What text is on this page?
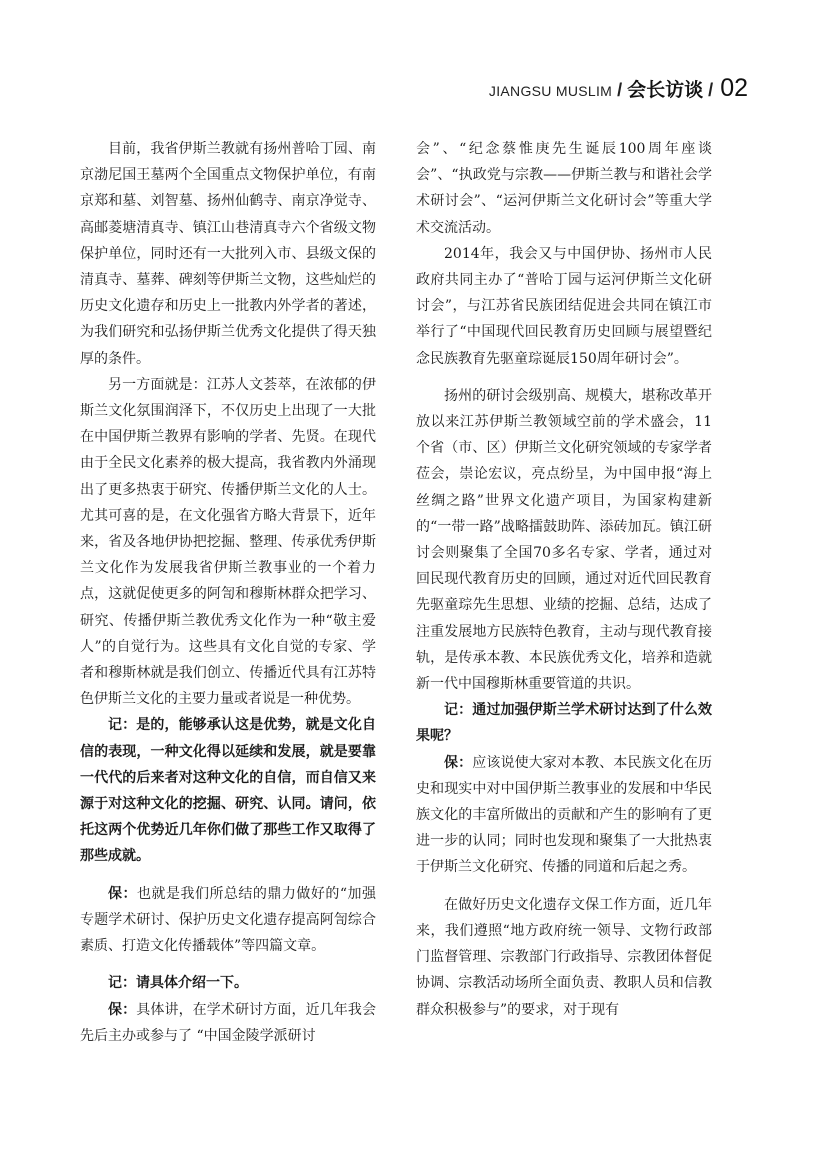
JIANGSU MUSLIM / 会长访谈 / 02

目前，我省伊斯兰教就有扬州普哈丁园、南京渤尼国王墓两个全国重点文物保护单位，有南京郑和墓、刘智墓、扬州仙鹤寺、南京净觉寺、高邮菱塘清真寺、镇江山巷清真寺六个省级文物保护单位，同时还有一大批列入市、县级文保的清真寺、墓葬、碑刻等伊斯兰文物，这些灿烂的历史文化遗存和历史上一批教内外学者的著述，为我们研究和弘扬伊斯兰优秀文化提供了得天独厚的条件。

另一方面就是：江苏人文荟萃，在浓郁的伊斯兰文化氛围润泽下，不仅历史上出现了一大批在中国伊斯兰教界有影响的学者、先贤。在现代由于全民文化素养的极大提高，我省教内外涌现出了更多热衷于研究、传播伊斯兰文化的人士。尤其可喜的是，在文化强省方略大背景下，近年来，省及各地伊协把挖掘、整理、传承优秀伊斯兰文化作为发展我省伊斯兰教事业的一个着力点，这就促使更多的阿訇和穆斯林群众把学习、研究、传播伊斯兰教优秀文化作为一种“敬主爱人”的自觉行为。这些具有文化自觉的专家、学者和穆斯林就是我们创立、传播近代具有江苏特色伊斯兰文化的主要力量或者说是一种优势。

记：是的，能够承认这是优势，就是文化自信的表现，一种文化得以延续和发展，就是要靠一代代的后来者对这种文化的自信，而自信又来源于对这种文化的挖掘、研究、认同。请问，依托这两个优势近几年你们做了那些工作又取得了那些成就。

保：也就是我们所总结的鼎力做好的“加强专题学术研讨、保护历史文化遗存提高阿訇综合素质、打造文化传播载体”等四篇文章。

记：请具体介绍一下。

保：具体讲，在学术研讨方面，近几年我会先后主办或参与了 “中国金陵学派研讨

会”、“纪念蔡惟庚先生诞辰100周年座谈会”、“执政党与宗教——伊斯兰教与和谐社会学术研讨会”、“运河伊斯兰文化研讨会”等重大学术交流活动。

2014年，我会又与中国伊协、扬州市人民政府共同主办了“普哈丁园与运河伊斯兰文化研讨会”，与江苏省民族团结促进会共同在镇江市举行了“中国现代回民教育历史回顾与展望暨纪念民族教育先驱童琮诞辰150周年研讨会”。

扬州的研讨会级别高、规模大，堪称改革开放以来江苏伊斯兰教领域空前的学术盛会，11个省（市、区）伊斯兰文化研究领域的专家学者莅会，崇论宏议，亮点纷呈，为中国申报“海上丝绸之路”世界文化遗产项目，为国家构建新的“一带一路”战略擂鼓助阵、添砖加瓦。镇江研讨会则聚集了全国70多名专家、学者，通过对回民现代教育历史的回顾，通过对近代回民教育先驱童琮先生思想、业绩的挖掘、总结，达成了注重发展地方民族特色教育，主动与现代教育接轨，是传承本教、本民族优秀文化，培养和造就新一代中国穆斯林重要管道的共识。

记：通过加强伊斯兰学术研讨达到了什么效果呢？

保：应该说使大家对本教、本民族文化在历史和现实中对中国伊斯兰教事业的发展和中华民族文化的丰富所做出的贡献和产生的影响有了更进一步的认同；同时也发现和聚集了一大批热衷于伊斯兰文化研究、传播的同道和后起之秀。

在做好历史文化遗存文保工作方面，近几年来，我们遵照“地方政府统一领导、文物行政部门监督管理、宗教部门行政指导、宗教团体督促协调、宗教活动场所全面负责、教职人员和信教群众积极参与”的要求，对于现有
